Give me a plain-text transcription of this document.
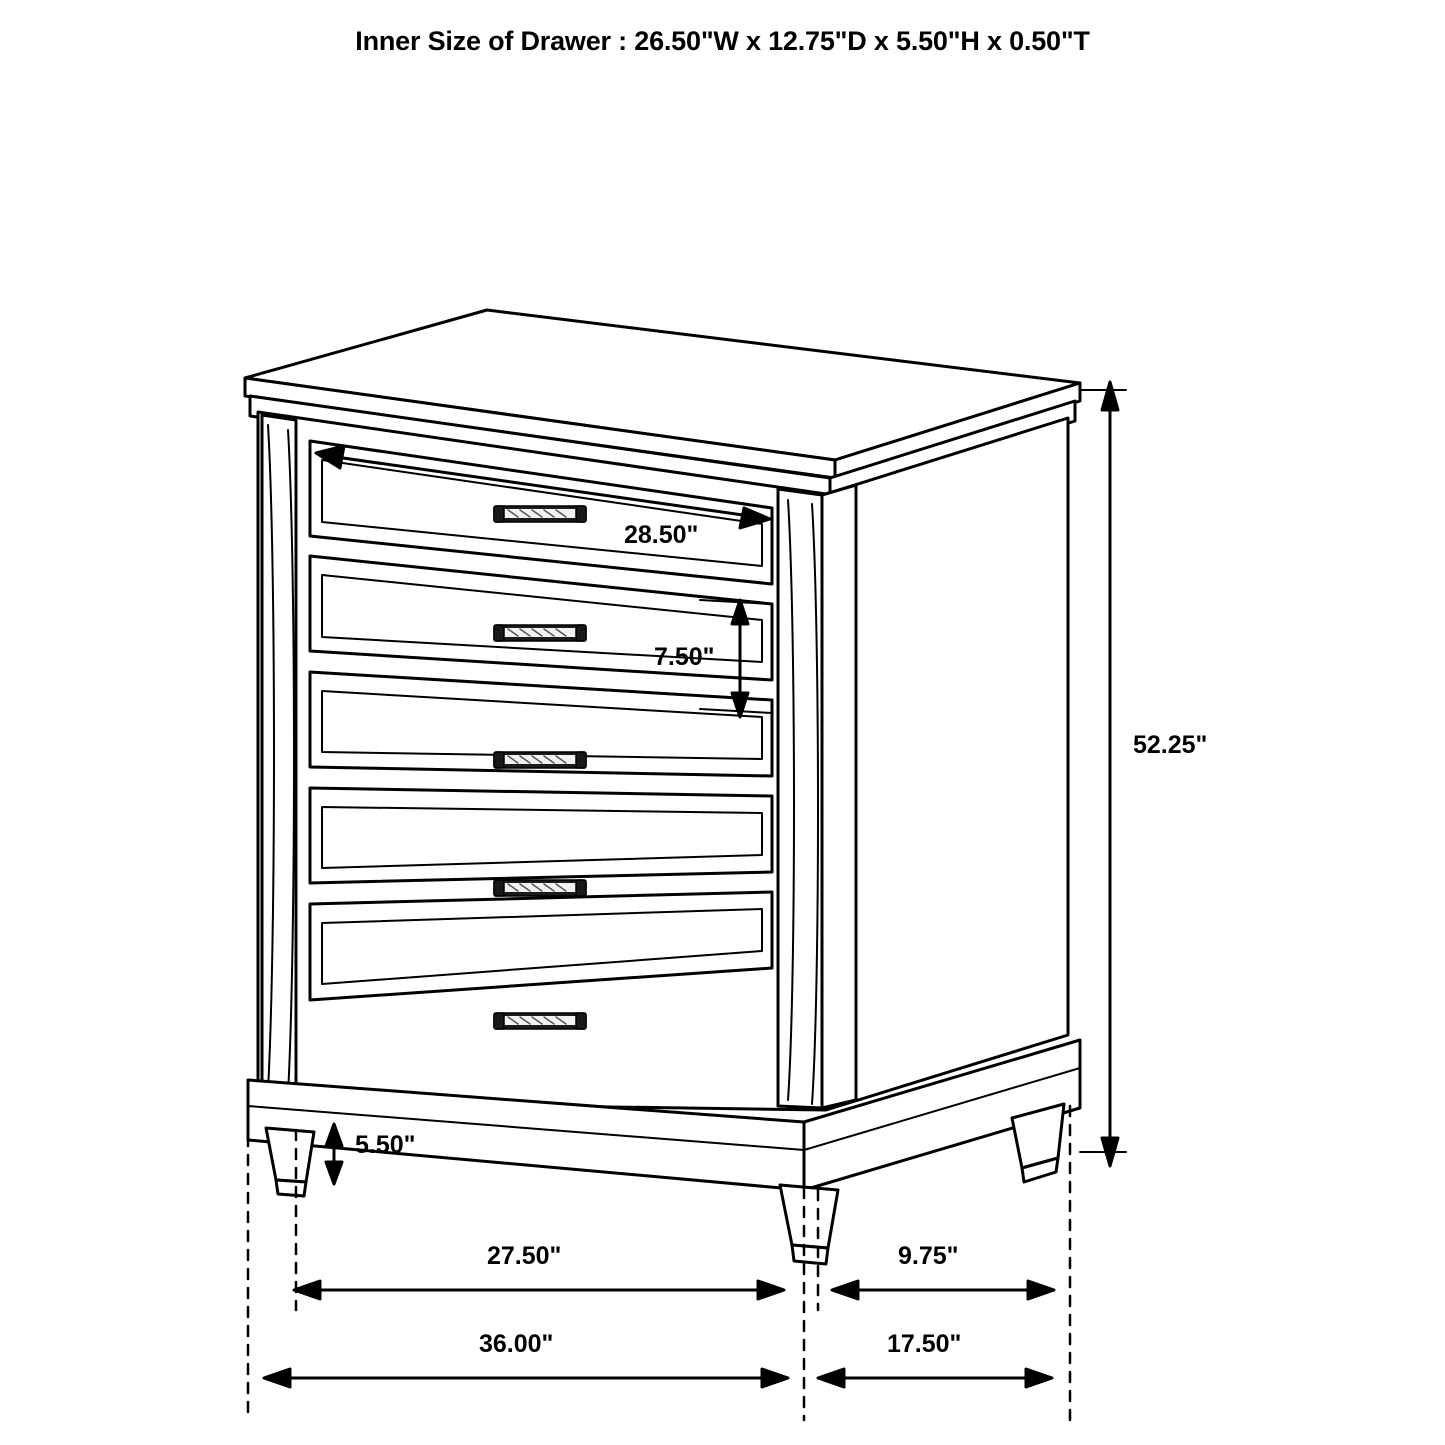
Inner Size of Drawer : 26.50"W x 12.75"D x 5.50"H x 0.50"T
28.50"
7.50"
52.25"
5.50"
27.50"	9.75"
36.00"	17.50"
